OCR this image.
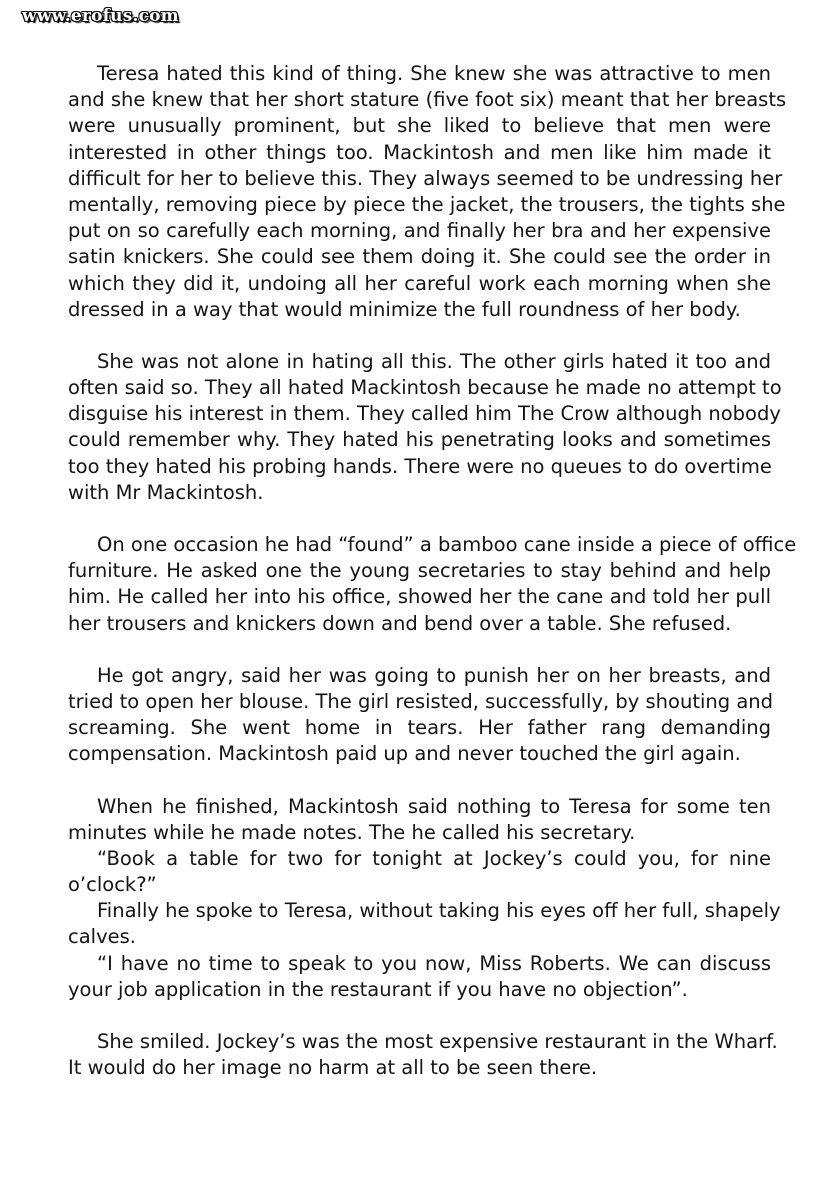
www.erofus.com
Teresa hated this kind of thing. She knew she was attractive to men
and she knew that her short stature (five foot six) meant that her breasts
were unusually prominent, but she liked to believe that men were
interested in other things too. Mackintosh and men like him made it
difficult for her to believe this. They always seemed to be undressing her
mentally, removing piece by piece the jacket, the trousers, the tights she
put on so carefully each morning, and finally her bra and her expensive
satin knickers. She could see them doing it. She could see the order in
which they did it, undoing all her careful work each morning when she
dressed in a way that would minimize the full roundness of her body.
She was not alone in hating all this. The other girls hated it too and
often said so. They all hated Mackintosh because he made no attempt to
disguise his interest in them. They called him The Crow although nobody
could remember why. They hated his penetrating looks and sometimes
too they hated his probing hands. There were no queues to do overtime
with Mr Mackintosh.
On one occasion he had “found” a bamboo cane inside a piece of office
furniture. He asked one the young secretaries to stay behind and help
him. He called her into his office, showed her the cane and told her pull
her trousers and knickers down and bend over a table. She refused.
He got angry, said her was going to punish her on her breasts, and
tried to open her blouse. The girl resisted, successfully, by shouting and
screaming. She went home in tears. Her father rang demanding
compensation. Mackintosh paid up and never touched the girl again.
When he finished, Mackintosh said nothing to Teresa for some ten
minutes while he made notes. The he called his secretary.
“Book a table for two for tonight at Jockey’s could you, for nine
o’clock?”
Finally he spoke to Teresa, without taking his eyes off her full, shapely
calves.
“I have no time to speak to you now, Miss Roberts. We can discuss
your job application in the restaurant if you have no objection”.
She smiled. Jockey’s was the most expensive restaurant in the Wharf.
It would do her image no harm at all to be seen there.
